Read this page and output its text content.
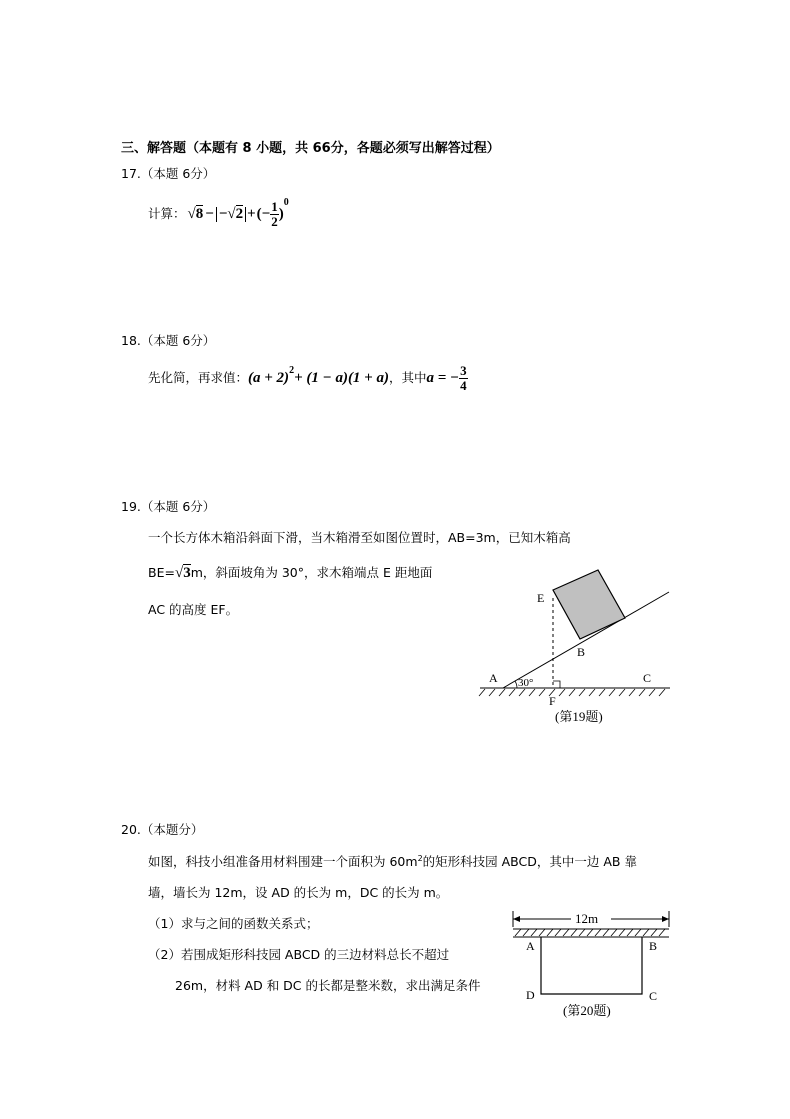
三、解答题（本题有 8 小题，共 66分，各题必须写出解答过程）
17.（本题 6分）
计算： √8 − −√2 + (− $\frac{1}{2}$ )
0
18.（本题 6分）
先化简，再求值： (a + 2) 2 + (1 − a)(1 + a) ，其中 a = − $\frac{3}{4}$
19.（本题 6分）
一个长方体木箱沿斜面下滑，当木箱滑至如图位置时，AB=3m，已知木箱高
BE= √3 m，斜面坡角为 30°，求木箱端点 E 距地面
AC 的高度 EF。
A 30°
B
C
E
F
(第19题)
20.（本题分）
如图，科技小组准备用材料围建一个面积为 $60m^2$的矩形科技园 ABCD，其中一边 AB 靠
墙，墙长为 12m，设 AD 的长为 m，DC 的长为 m。
（1）求与之间的函数关系式；
（2）若围成矩形科技园 ABCD 的三边材料总长不超过
26m，材料 AD 和 DC 的长都是整米数，求出满足条件
12m
A	B
C
D
(第20题)
